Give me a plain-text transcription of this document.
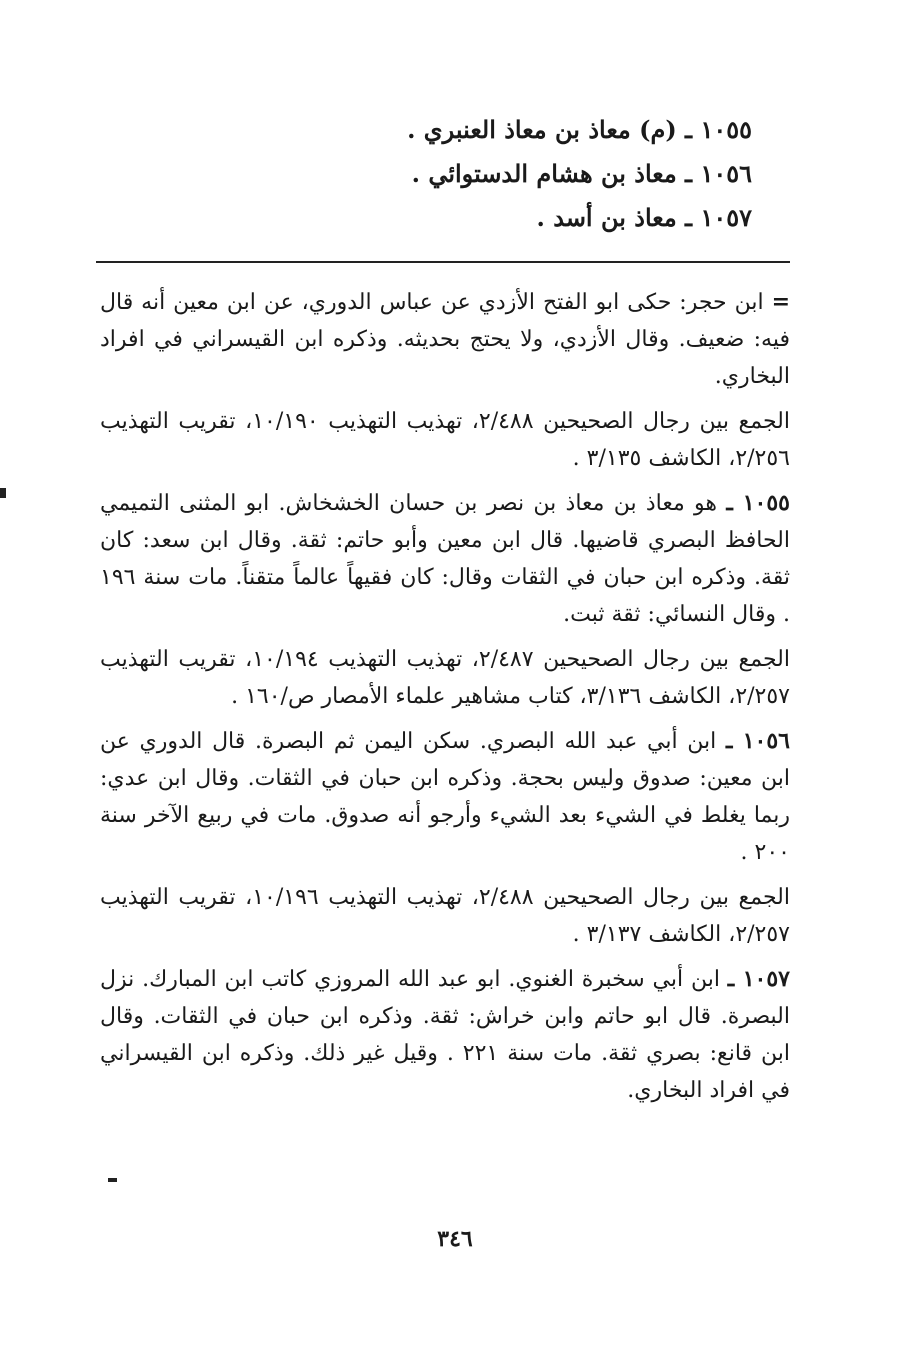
١٠٥٥ ـ (م) معاذ بن معاذ العنبري .
١٠٥٦ ـ معاذ بن هشام الدستوائي .
١٠٥٧ ـ معاذ بن أسد .

= ابن حجر: حكى ابو الفتح الأزدي عن عباس الدوري، عن ابن معين أنه قال فيه: ضعيف. وقال الأزدي، ولا يحتج بحديثه. وذكره ابن القيسراني في افراد البخاري.

الجمع بين رجال الصحيحين ٢/٤٨٨، تهذيب التهذيب ١٠/١٩٠، تقريب التهذيب ٢/٢٥٦، الكاشف ٣/١٣٥ .

١٠٥٥ ـ هو معاذ بن معاذ بن نصر بن حسان الخشخاش. ابو المثنى التميمي الحافظ البصري قاضيها. قال ابن معين وأبو حاتم: ثقة. وقال ابن سعد: كان ثقة. وذكره ابن حبان في الثقات وقال: كان فقيهاً عالماً متقناً. مات سنة ١٩٦ . وقال النسائي: ثقة ثبت.

الجمع بين رجال الصحيحين ٢/٤٨٧، تهذيب التهذيب ١٠/١٩٤، تقريب التهذيب ٢/٢٥٧، الكاشف ٣/١٣٦، كتاب مشاهير علماء الأمصار ص/١٦٠ .

١٠٥٦ ـ ابن أبي عبد الله البصري. سكن اليمن ثم البصرة. قال الدوري عن ابن معين: صدوق وليس بحجة. وذكره ابن حبان في الثقات. وقال ابن عدي: ربما يغلط في الشيء بعد الشيء وأرجو أنه صدوق. مات في ربيع الآخر سنة ٢٠٠ .

الجمع بين رجال الصحيحين ٢/٤٨٨، تهذيب التهذيب ١٠/١٩٦، تقريب التهذيب ٢/٢٥٧، الكاشف ٣/١٣٧ .

١٠٥٧ ـ ابن أبي سخبرة الغنوي. ابو عبد الله المروزي كاتب ابن المبارك. نزل البصرة. قال ابو حاتم وابن خراش: ثقة. وذكره ابن حبان في الثقات. وقال ابن قانع: بصري ثقة. مات سنة ٢٢١ . وقيل غير ذلك. وذكره ابن القيسراني في افراد البخاري.

٣٤٦
